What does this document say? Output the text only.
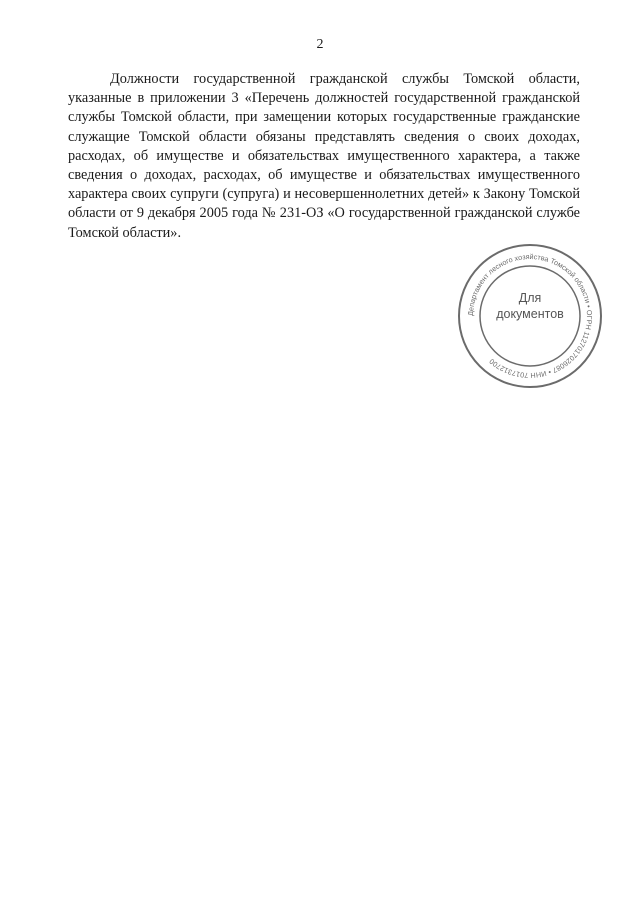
2

Должности государственной гражданской службы Томской области, указанные в приложении 3 «Перечень должностей государственной гражданской службы Томской области, при замещении которых государственные гражданские служащие Томской области обязаны представлять сведения о своих доходах, расходах, об имуществе и обязательствах имущественного характера, а также сведения о доходах, расходах, об имуществе и обязательствах имущественного характера своих супруги (супруга) и несовершеннолетних детей» к Закону Томской области от 9 декабря 2005 года № 231-ОЗ «О государственной гражданской службе Томской области».

Департамент лесного хозяйства Томской области • ОГРН 1127017026087 • ИНН 7017312700
Для
документов
